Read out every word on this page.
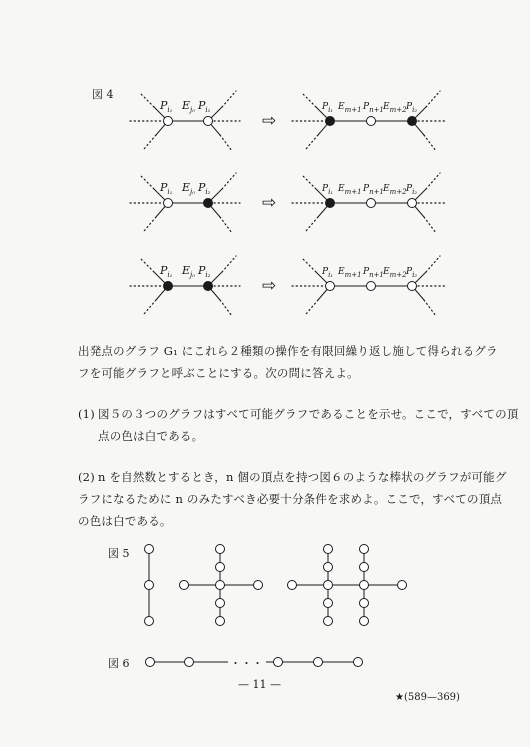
図 4
$P_{i_1}$ $E_{j_0}$ $P_{i_2}$
⇨
$P_{i_1}$ $E_{m+1}$ $P_{n+1}$ $E_{m+2}$ $P_{i_2}$
$P_{i_1}$ $E_{j_0}$ $P_{i_2}$
⇨
$P_{i_1}$ $E_{m+1}$ $P_{n+1}$ $E_{m+2}$ $P_{i_2}$
$P_{i_1}$ $E_{j_0}$ $P_{i_2}$
⇨
$P_{i_1}$ $E_{m+1}$ $P_{n+1}$ $E_{m+2}$ $P_{i_2}$
出発点のグラフ G₁ にこれら２種類の操作を有限回繰り返し施して得られるグラ
フを可能グラフと呼ぶことにする。次の問に答えよ。
(1) 図５の３つのグラフはすべて可能グラフであることを示せ。ここで，すべての頂
点の色は白である。
(2) n を自然数とするとき，n 個の頂点を持つ図６のような棒状のグラフが可能グ
ラフになるために n のみたすべき必要十分条件を求めよ。ここで，すべての頂点
の色は白である。
図 5
図 6	・・・
— 11 —
★(589—369)
